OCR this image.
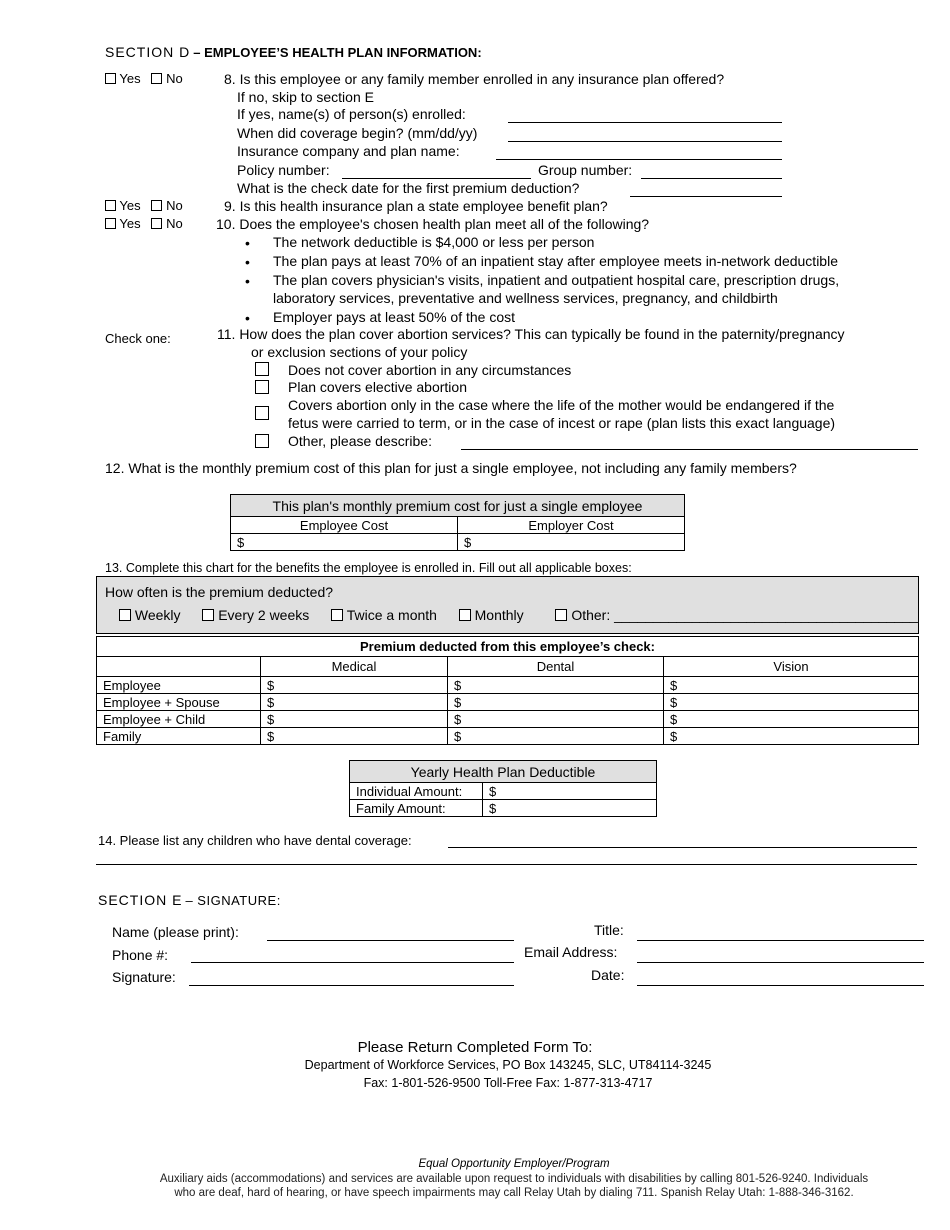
SECTION D – EMPLOYEE’S HEALTH PLAN INFORMATION:
Yes No	8. Is this employee or any family member enrolled in any insurance plan offered?
If no, skip to section E
If yes, name(s) of person(s) enrolled:
When did coverage begin? (mm/dd/yy)
Insurance company and plan name:
Policy number:	Group number:
What is the check date for the first premium deduction?
Yes No	9. Is this health insurance plan a state employee benefit plan?
Yes No 10. Does the employee's chosen health plan meet all of the following?
• The network deductible is $4,000 or less per person
• The plan pays at least 70% of an inpatient stay after employee meets in-network deductible
• The plan covers physician's visits, inpatient and outpatient hospital care, prescription drugs,
laboratory services, preventative and wellness services, pregnancy, and childbirth
• Employer pays at least 50% of the cost
Check one:	11. How does the plan cover abortion services? This can typically be found in the paternity/pregnancy
or exclusion sections of your policy
Does not cover abortion in any circumstances
Plan covers elective abortion
Covers abortion only in the case where the life of the mother would be endangered if the
fetus were carried to term, or in the case of incest or rape (plan lists this exact language)
Other, please describe:
12. What is the monthly premium cost of this plan for just a single employee, not including any family members?
This plan's monthly premium cost for just a single employee	
Employee Cost	Employer Cost
$	$
13. Complete this chart for the benefits the employee is enrolled in. Fill out all applicable boxes:
How often is the premium deducted?
Weekly	Every 2 weeks	Twice a month	Monthly	Other: _______________________________________
Premium deducted from this employee’s check:			
	Medical	Dental	Vision
Employee	$	$	$
Employee + Spouse	$	$	$
Employee + Child	$	$	$
Family	$	$	$
Yearly Health Plan Deductible	
Individual Amount:	$
Family Amount:	$
14. Please list any children who have dental coverage:
SECTION E – SIGNATURE:
Name (please print):
Phone #:
Signature:
Title:
Email Address:
Date:
Please Return Completed Form To:
Department of Workforce Services, PO Box 143245, SLC, UT84114-3245
Fax: 1-801-526-9500 Toll-Free Fax: 1-877-313-4717
Equal Opportunity Employer/Program
Auxiliary aids (accommodations) and services are available upon request to individuals with disabilities by calling 801-526-9240. Individuals
who are deaf, hard of hearing, or have speech impairments may call Relay Utah by dialing 711. Spanish Relay Utah: 1-888-346-3162.
